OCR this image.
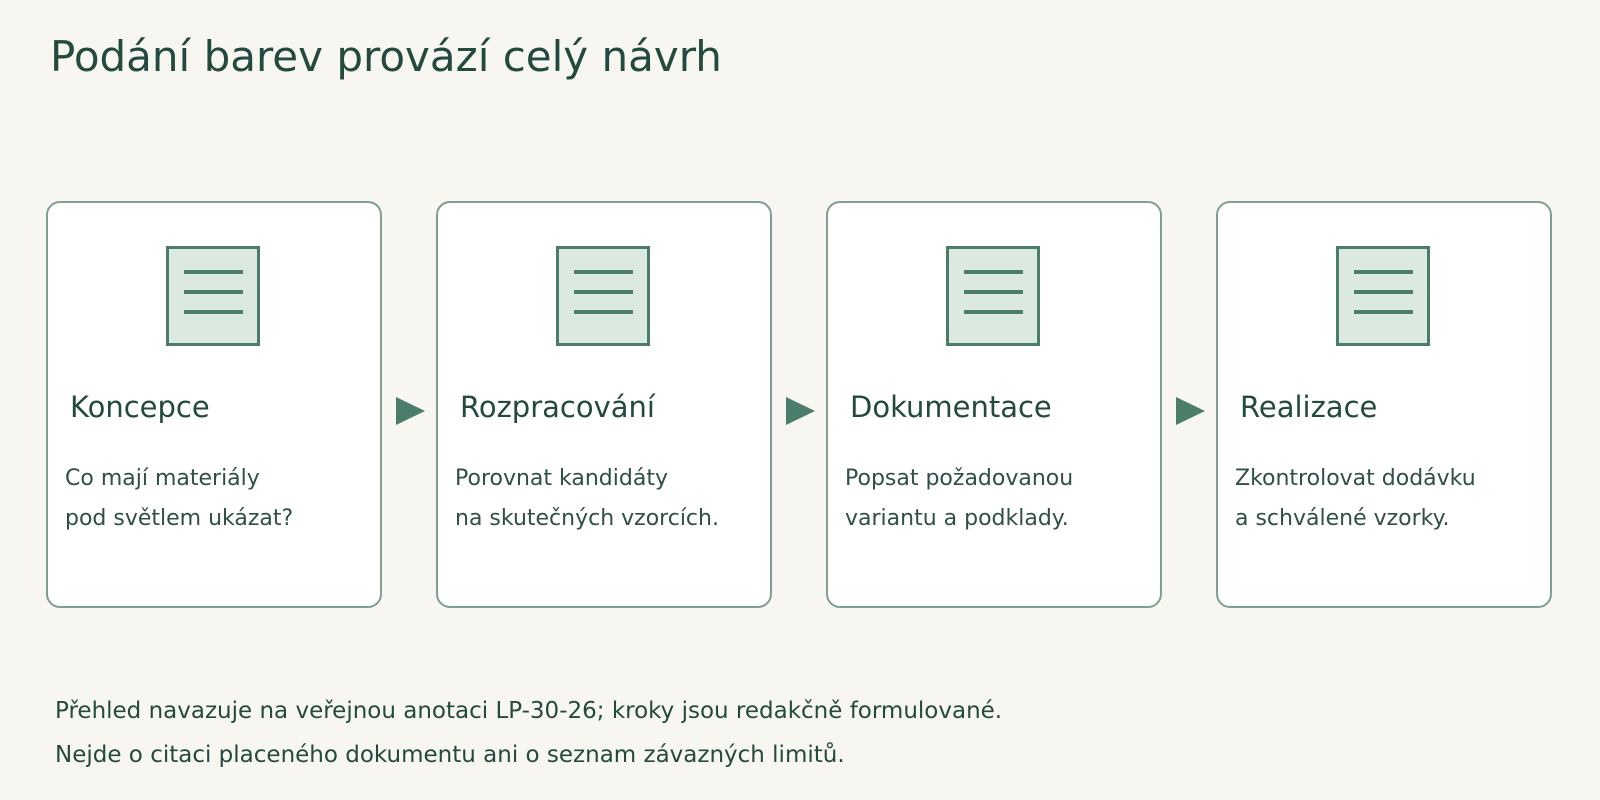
Podání barev provází celý návrh
Koncepce
Co mají materiály
pod světlem ukázat?
Rozpracování
Porovnat kandidáty
na skutečných vzorcích.
Dokumentace
Popsat požadovanou
variantu a podklady.
Realizace
Zkontrolovat dodávku
a schválené vzorky.
Přehled navazuje na veřejnou anotaci LP-30-26; kroky jsou redakčně formulované.
Nejde o citaci placeného dokumentu ani o seznam závazných limitů.
